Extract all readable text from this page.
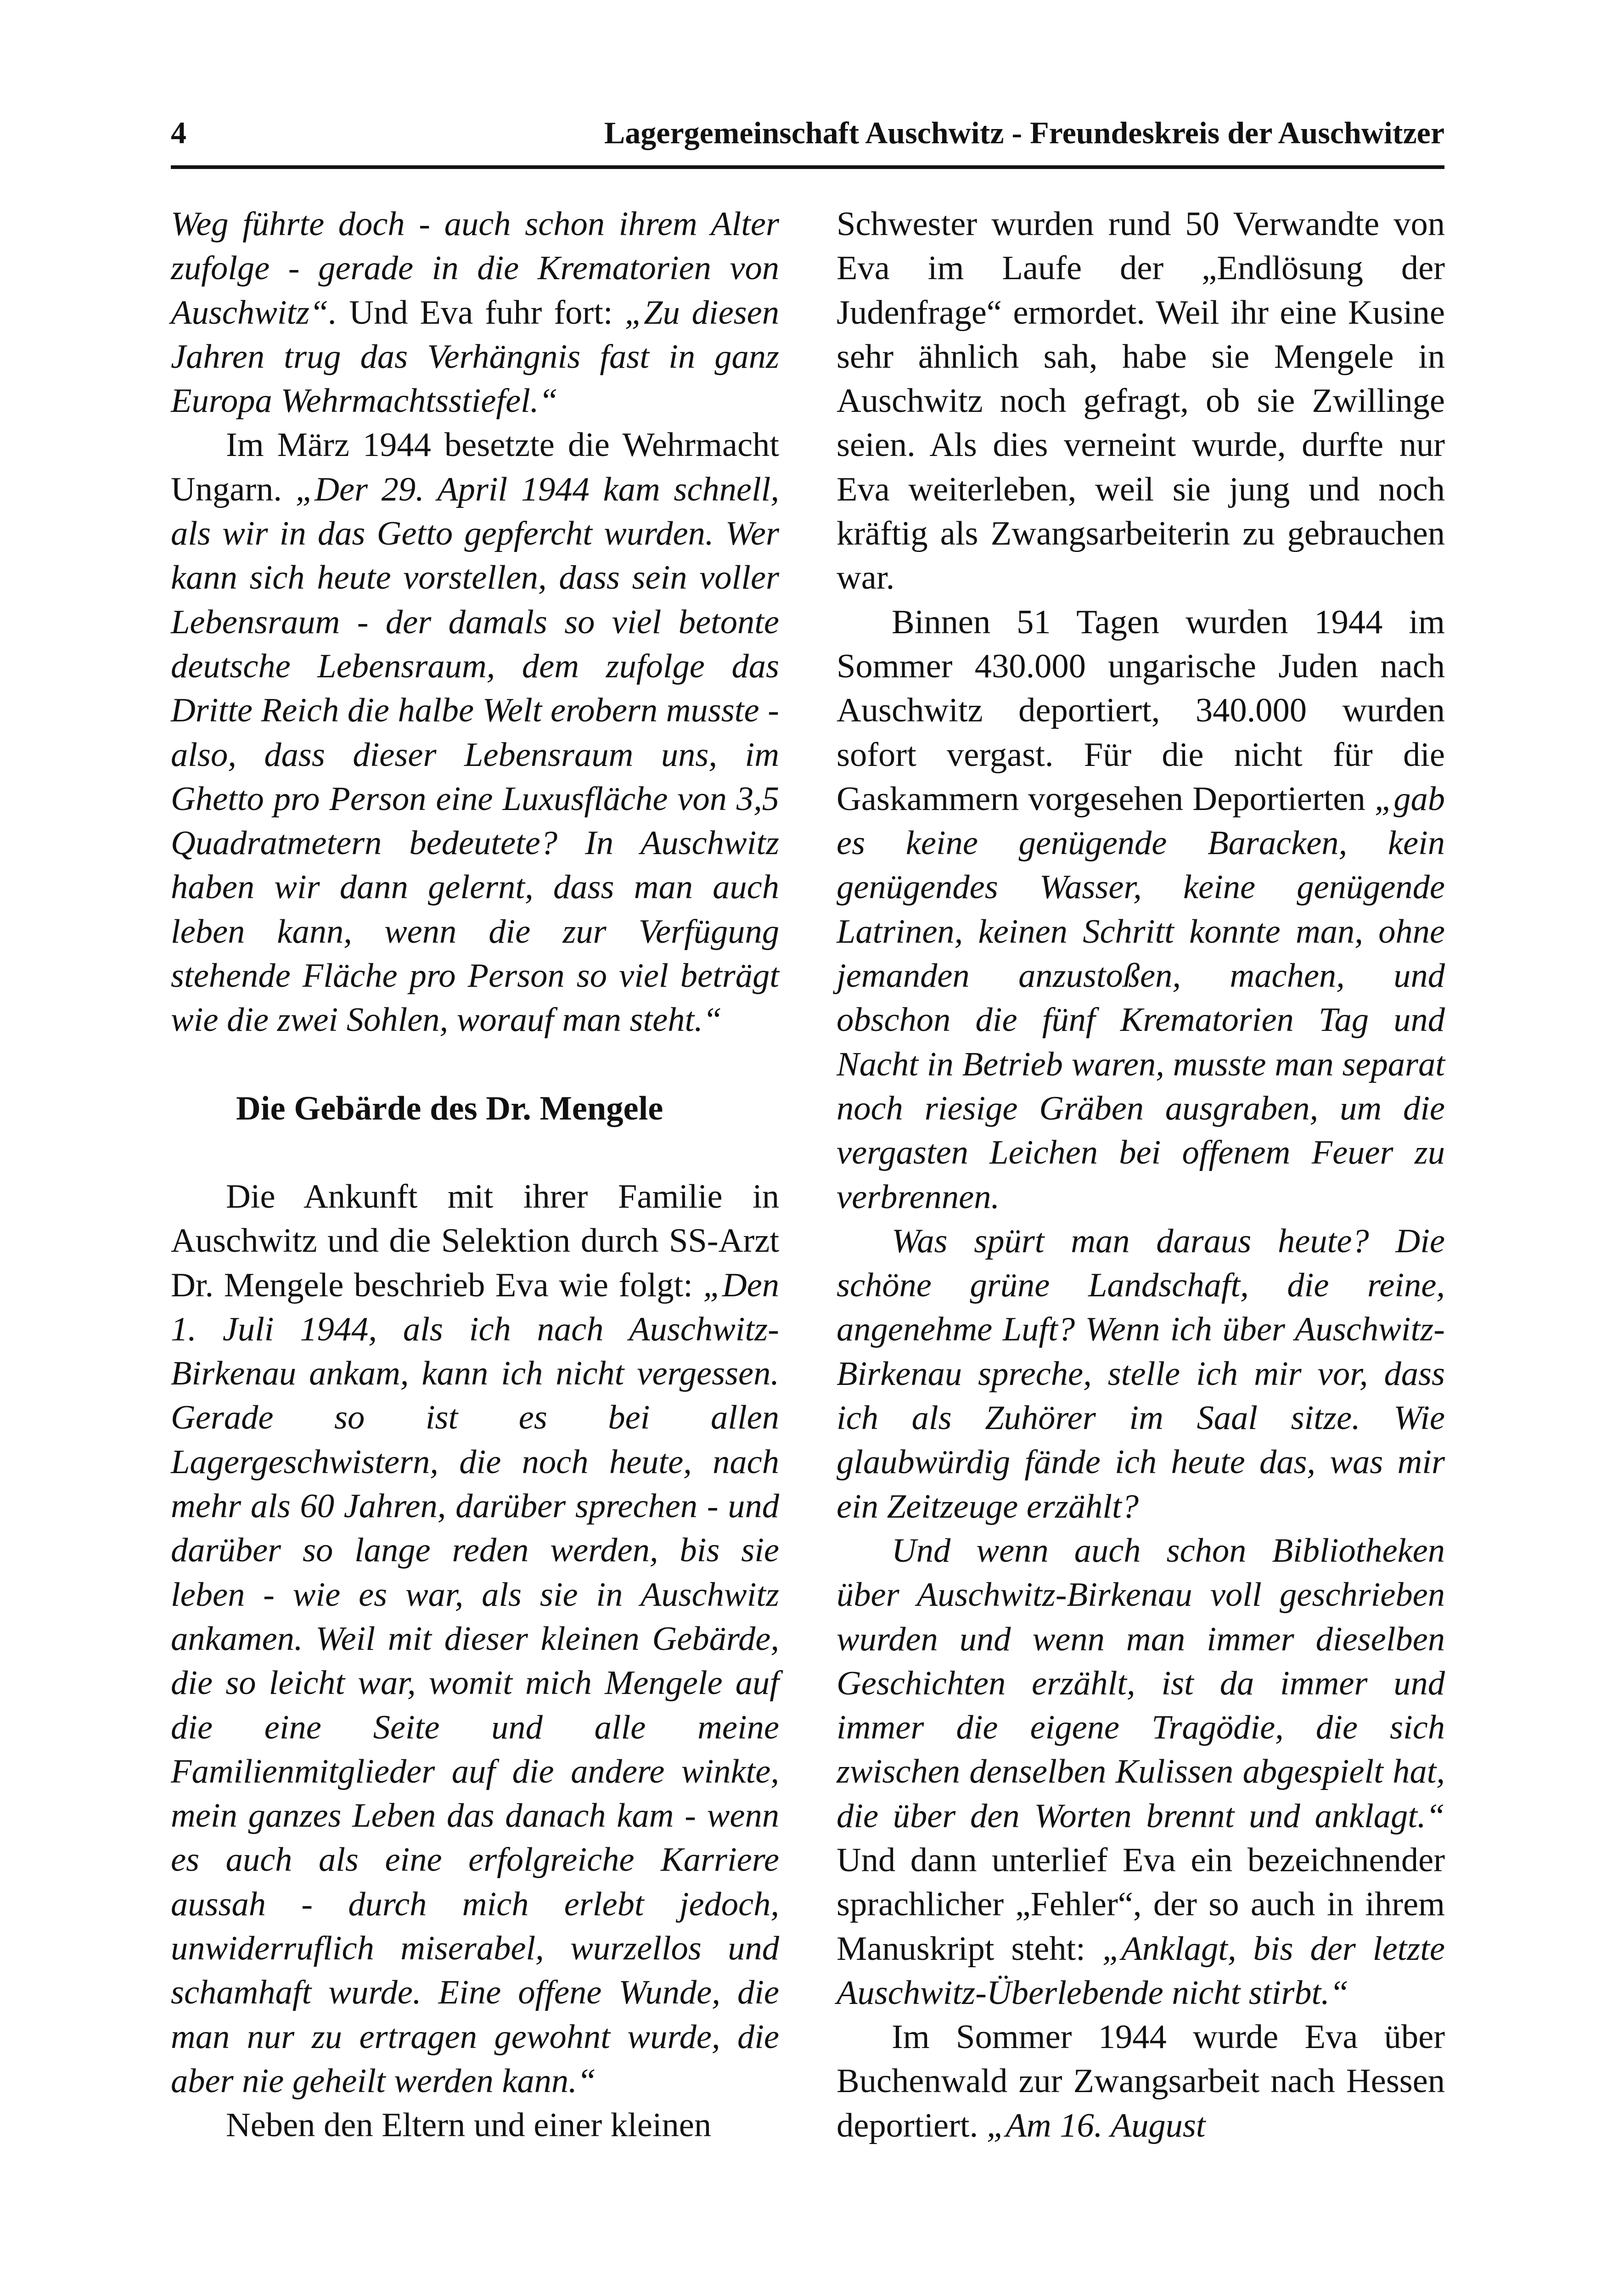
4	Lagergemeinschaft Auschwitz - Freundeskreis der Auschwitzer

Weg führte doch - auch schon ihrem Alter zufolge - gerade in die Krematorien von Auschwitz“. Und Eva fuhr fort: „Zu diesen Jahren trug das Verhängnis fast in ganz Europa Wehrmachtsstiefel.“

Im März 1944 besetzte die Wehrmacht Ungarn. „Der 29. April 1944 kam schnell, als wir in das Getto gepfercht wurden. Wer kann sich heute vorstellen, dass sein voller Lebensraum - der damals so viel betonte deutsche Lebensraum, dem zufolge das Dritte Reich die halbe Welt erobern musste - also, dass dieser Lebensraum uns, im Ghetto pro Person eine Luxusfläche von 3,5 Quadratmetern bedeutete? In Auschwitz haben wir dann gelernt, dass man auch leben kann, wenn die zur Verfügung stehende Fläche pro Person so viel beträgt wie die zwei Sohlen, worauf man steht.“

Die Gebärde des Dr. Mengele

Die Ankunft mit ihrer Familie in Auschwitz und die Selektion durch SS-Arzt Dr. Mengele beschrieb Eva wie folgt: „Den 1. Juli 1944, als ich nach Auschwitz-Birkenau ankam, kann ich nicht vergessen. Gerade so ist es bei allen Lagergeschwistern, die noch heute, nach mehr als 60 Jahren, darüber sprechen - und darüber so lange reden werden, bis sie leben - wie es war, als sie in Auschwitz ankamen. Weil mit dieser kleinen Gebärde, die so leicht war, womit mich Mengele auf die eine Seite und alle meine Familienmitglieder auf die andere winkte, mein ganzes Leben das danach kam - wenn es auch als eine erfolgreiche Karriere aussah - durch mich erlebt jedoch, unwiderruflich miserabel, wurzellos und schamhaft wurde. Eine offene Wunde, die man nur zu ertragen gewohnt wurde, die aber nie geheilt werden kann.“

Neben den Eltern und einer kleinen

Schwester wurden rund 50 Verwandte von Eva im Laufe der „Endlösung der Judenfrage“ ermordet. Weil ihr eine Kusine sehr ähnlich sah, habe sie Mengele in Auschwitz noch gefragt, ob sie Zwillinge seien. Als dies verneint wurde, durfte nur Eva weiterleben, weil sie jung und noch kräftig als Zwangsarbeiterin zu gebrauchen war.

Binnen 51 Tagen wurden 1944 im Sommer 430.000 ungarische Juden nach Auschwitz deportiert, 340.000 wurden sofort vergast. Für die nicht für die Gaskammern vorgesehen Deportierten „gab es keine genügende Baracken, kein genügendes Wasser, keine genügende Latrinen, keinen Schritt konnte man, ohne jemanden anzustoßen, machen, und obschon die fünf Krematorien Tag und Nacht in Betrieb waren, musste man separat noch riesige Gräben ausgraben, um die vergasten Leichen bei offenem Feuer zu verbrennen.

Was spürt man daraus heute? Die schöne grüne Landschaft, die reine, angenehme Luft? Wenn ich über Auschwitz-Birkenau spreche, stelle ich mir vor, dass ich als Zuhörer im Saal sitze. Wie glaubwürdig fände ich heute das, was mir ein Zeitzeuge erzählt?

Und wenn auch schon Bibliotheken über Auschwitz-Birkenau voll geschrieben wurden und wenn man immer dieselben Geschichten erzählt, ist da immer und immer die eigene Tragödie, die sich zwischen denselben Kulissen abgespielt hat, die über den Worten brennt und anklagt.“ Und dann unterlief Eva ein bezeichnender sprachlicher „Fehler“, der so auch in ihrem Manuskript steht: „Anklagt, bis der letzte Auschwitz-Überlebende nicht stirbt.“

Im Sommer 1944 wurde Eva über Buchenwald zur Zwangsarbeit nach Hessen deportiert. „Am 16. August
